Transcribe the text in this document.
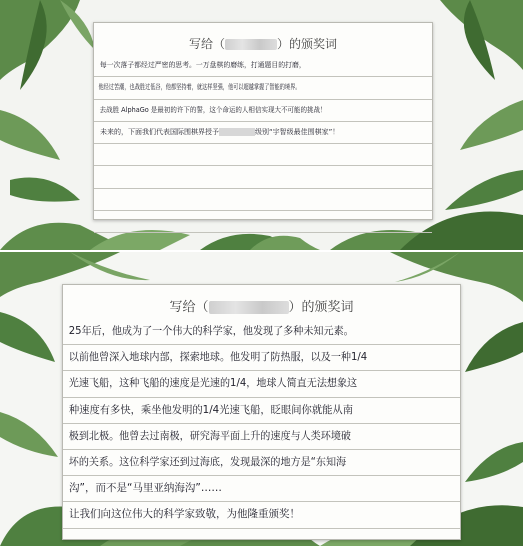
写给（	）的颁奖词
每一次落子都经过严密的思考。一万盘棋的磨练，打通题目的打磨，
他经过苦潮，也战胜过低谷，他都坚持着，就这样坚强，他可以超越掌握了智能的境界。
去战胜 AlphaGo 是最初的许下的誓，这个命运的人相信实现大不可能的挑战！
未来的，下面我们代表国际围棋界授予	级别“宇智级最佳围棋家”！
写给（	）的颁奖词
25年后，他成为了一个伟大的科学家，他发现了多种未知元素。
以前他曾深入地球内部，探索地球。他发明了防热服，以及一种1/4
光速飞船，这种飞船的速度是光速的1/4，地球人简直无法想象这
种速度有多快，乘坐他发明的1/4光速飞船，眨眼间你就能从南
极到北极。他曾去过南极，研究海平面上升的速度与人类环境破
坏的关系。这位科学家还到过海底，发现最深的地方是“东知海
沟”，而不是“马里亚纳海沟”……
让我们向这位伟大的科学家致敬，为他隆重颁奖！
